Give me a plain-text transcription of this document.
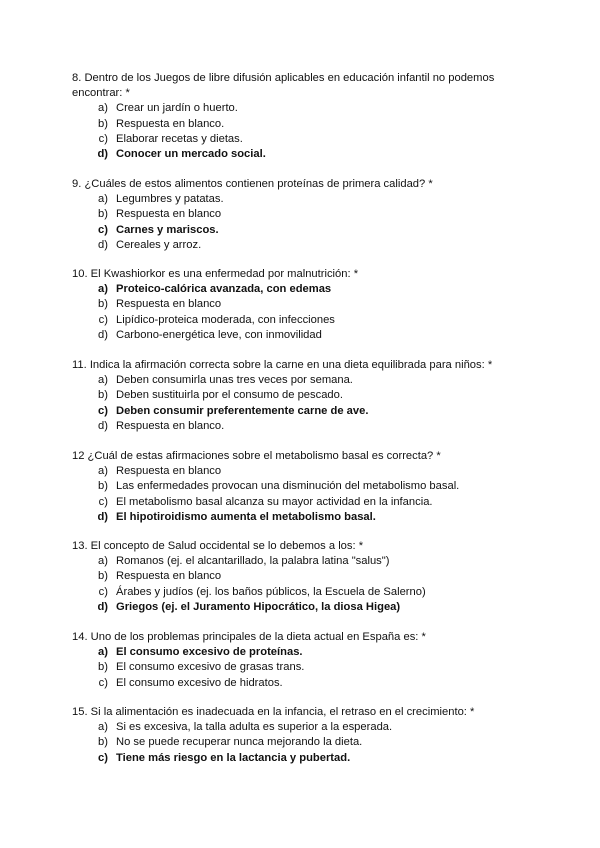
8. Dentro de los Juegos de libre difusión aplicables en educación infantil no podemos encontrar: *

a) Crear un jardín o huerto.
b) Respuesta en blanco.
c) Elaborar recetas y dietas.
d) Conocer un mercado social.

9. ¿Cuáles de estos alimentos contienen proteínas de primera calidad? *

a) Legumbres y patatas.
b) Respuesta en blanco
c) Carnes y mariscos.
d) Cereales y arroz.

10. El Kwashiorkor es una enfermedad por malnutrición: *

a) Proteico-calórica avanzada, con edemas
b) Respuesta en blanco
c) Lipídico-proteica moderada, con infecciones
d) Carbono-energética leve, con inmovilidad

11. Indica la afirmación correcta sobre la carne en una dieta equilibrada para niños: *

a) Deben consumirla unas tres veces por semana.
b) Deben sustituirla por el consumo de pescado.
c) Deben consumir preferentemente carne de ave.
d) Respuesta en blanco.

12 ¿Cuál de estas afirmaciones sobre el metabolismo basal es correcta? *

a) Respuesta en blanco
b) Las enfermedades provocan una disminución del metabolismo basal.
c) El metabolismo basal alcanza su mayor actividad en la infancia.
d) El hipotiroidismo aumenta el metabolismo basal.

13. El concepto de Salud occidental se lo debemos a los: *

a) Romanos (ej. el alcantarillado, la palabra latina "salus")
b) Respuesta en blanco
c) Árabes y judíos (ej. los baños públicos, la Escuela de Salerno)
d) Griegos (ej. el Juramento Hipocrático, la diosa Higea)

14. Uno de los problemas principales de la dieta actual en España es: *

a) El consumo excesivo de proteínas.
b) El consumo excesivo de grasas trans.
c) El consumo excesivo de hidratos.

15. Si la alimentación es inadecuada en la infancia, el retraso en el crecimiento: *

a) Si es excesiva, la talla adulta es superior a la esperada.
b) No se puede recuperar nunca mejorando la dieta.
c) Tiene más riesgo en la lactancia y pubertad.
